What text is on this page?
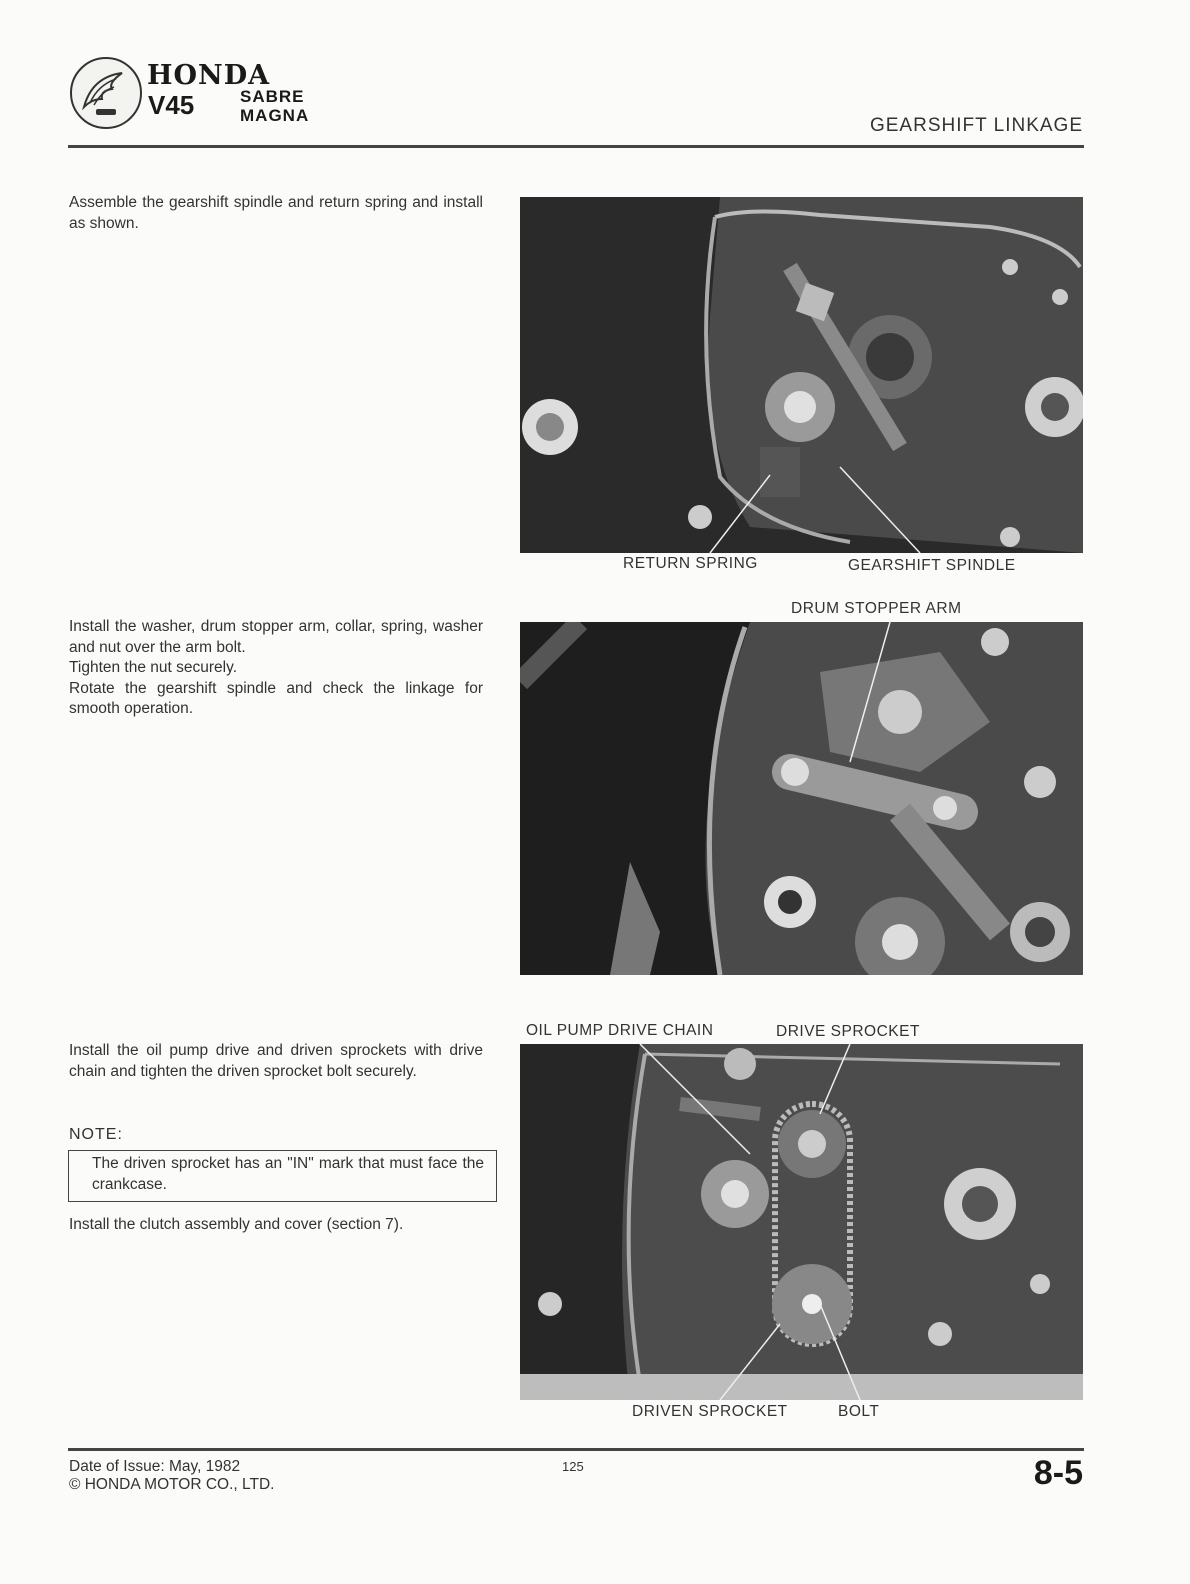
HONDA
V45	SABRE
MAGNA	GEARSHIFT LINKAGE

Assemble the gearshift spindle and return spring and install as shown.

RETURN SPRING	GEARSHIFT SPINDLE

Install the washer, drum stopper arm, collar, spring, washer and nut over the arm bolt.

Tighten the nut securely.

Rotate the gearshift spindle and check the linkage for smooth operation.

DRUM STOPPER ARM

Install the oil pump drive and driven sprockets with drive chain and tighten the driven sprocket bolt securely.

NOTE:
The driven sprocket has an "IN" mark that must face the crankcase.

Install the clutch assembly and cover (section 7).

OIL PUMP DRIVE CHAIN	DRIVE SPROCKET
DRIVEN SPROCKET	BOLT
Date of Issue: May, 1982
© HONDA MOTOR CO., LTD.
125	8-5
